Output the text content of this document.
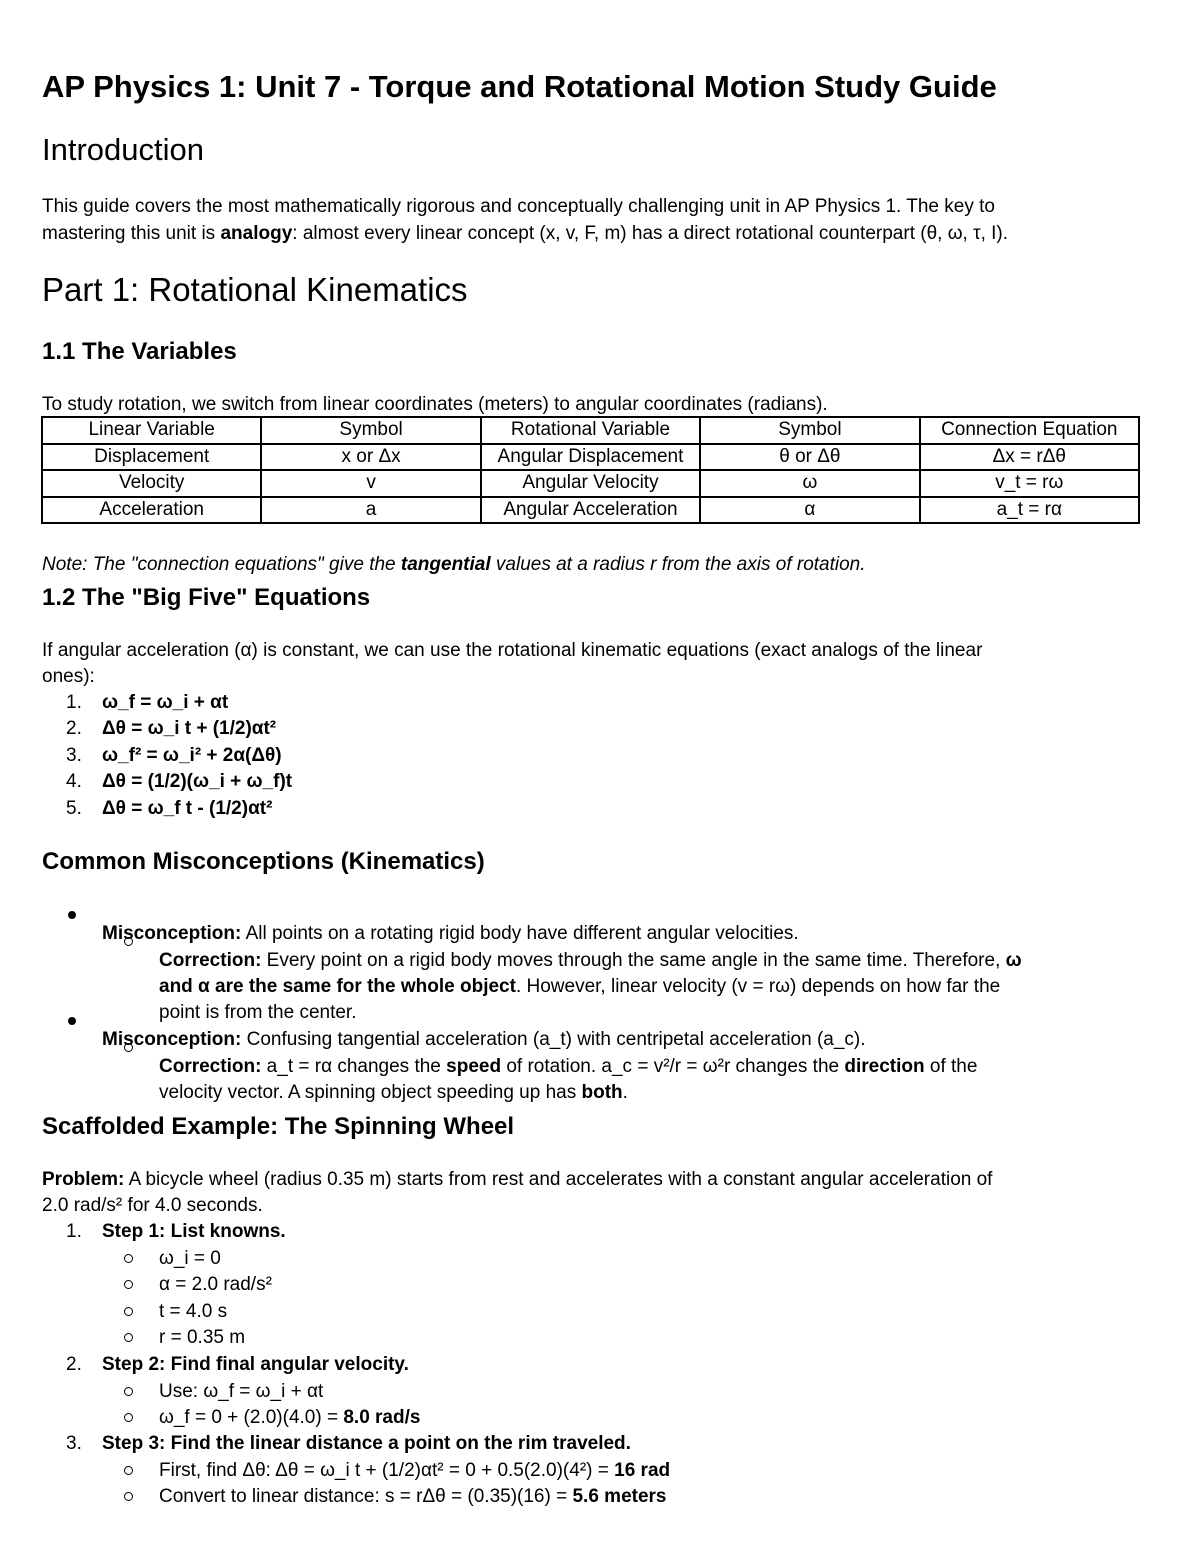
AP Physics 1: Unit 7 - Torque and Rotational Motion Study Guide
Introduction

This guide covers the most mathematically rigorous and conceptually challenging unit in AP Physics 1. The key to

mastering this unit is analogy: almost every linear concept (x, v, F, m) has a direct rotational counterpart (θ, ω, τ, I).

Part 1: Rotational Kinematics
1.1 The Variables

To study rotation, we switch from linear coordinates (meters) to angular coordinates (radians).

Linear Variable	Symbol	Rotational Variable	Symbol	Connection Equation
Displacement	x or Δx	Angular Displacement	θ or Δθ	Δx = rΔθ
Velocity	v	Angular Velocity	ω	v_t = rω
Acceleration	a	Angular Acceleration	α	a_t = rα

Note: The "connection equations" give the tangential values at a radius r from the axis of rotation.

1.2 The "Big Five" Equations

If angular acceleration (α) is constant, we can use the rotational kinematic equations (exact analogs of the linear

ones):

1. ω_f = ω_i + αt
2. Δθ = ω_i t + (1/2)αt²
3. ω_f² = ω_i² + 2α(Δθ)
4. Δθ = (1/2)(ω_i + ω_f)t
5. Δθ = ω_f t - (1/2)αt²
Common Misconceptions (Kinematics)

Misconception: All points on a rotating rigid body have different angular velocities.

Correction: Every point on a rigid body moves through the same angle in the same time. Therefore, ω

and α are the same for the whole object. However, linear velocity (v = rω) depends on how far the

point is from the center.

Misconception: Confusing tangential acceleration (a_t) with centripetal acceleration (a_c).

Correction: a_t = rα changes the speed of rotation. a_c = v²/r = ω²r changes the direction of the

velocity vector. A spinning object speeding up has both.

Scaffolded Example: The Spinning Wheel

Problem: A bicycle wheel (radius 0.35 m) starts from rest and accelerates with a constant angular acceleration of

2.0 rad/s² for 4.0 seconds.

1. Step 1: List knowns.
ω_i = 0
α = 2.0 rad/s²
t = 4.0 s
r = 0.35 m
2. Step 2: Find final angular velocity.
Use: ω_f = ω_i + αt
ω_f = 0 + (2.0)(4.0) = 8.0 rad/s
3. Step 3: Find the linear distance a point on the rim traveled.
First, find Δθ: Δθ = ω_i t + (1/2)αt² = 0 + 0.5(2.0)(4²) = 16 rad
Convert to linear distance: s = rΔθ = (0.35)(16) = 5.6 meters
